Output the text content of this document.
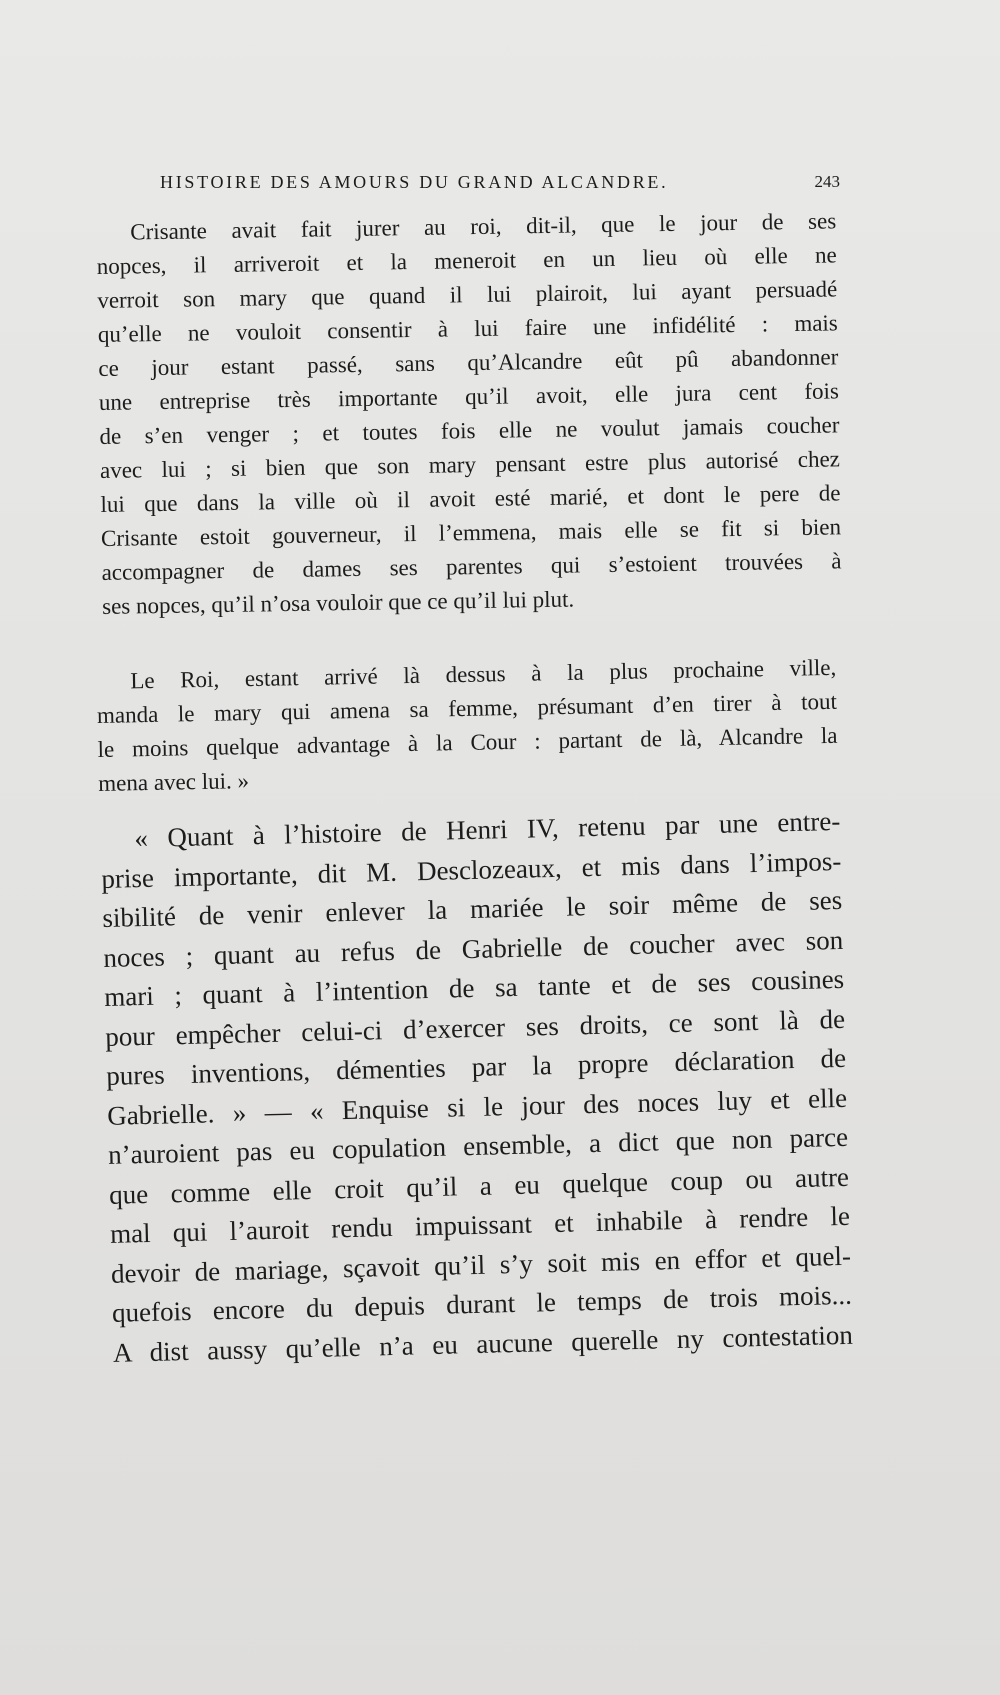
HISTOIRE DES AMOURS DU GRAND ALCANDRE.	243
Crisante avait fait jurer au roi, dit-il, que le jour de ses
nopces, il arriveroit et la meneroit en un lieu où elle ne
verroit son mary que quand il lui plairoit, lui ayant persuadé
qu’elle ne vouloit consentir à lui faire une infidélité : mais
ce jour estant passé, sans qu’Alcandre eût pû abandonner
une entreprise très importante qu’il avoit, elle jura cent fois
de s’en venger ; et toutes fois elle ne voulut jamais coucher
avec lui ; si bien que son mary pensant estre plus autorisé chez
lui que dans la ville où il avoit esté marié, et dont le pere de
Crisante estoit gouverneur, il l’emmena, mais elle se fit si bien
accompagner de dames ses parentes qui s’estoient trouvées à
ses nopces, qu’il n’osa vouloir que ce qu’il lui plut.
Le Roi, estant arrivé là dessus à la plus prochaine ville,
manda le mary qui amena sa femme, présumant d’en tirer à tout
le moins quelque advantage à la Cour : partant de là, Alcandre la
mena avec lui. »
« Quant à l’histoire de Henri IV, retenu par une entre-
prise importante, dit M. Desclozeaux, et mis dans l’impos-
sibilité de venir enlever la mariée le soir même de ses
noces ; quant au refus de Gabrielle de coucher avec son
mari ; quant à l’intention de sa tante et de ses cousines
pour empêcher celui-ci d’exercer ses droits, ce sont là de
pures inventions, démenties par la propre déclaration de
Gabrielle. » — « Enquise si le jour des noces luy et elle
n’auroient pas eu copulation ensemble, a dict que non parce
que comme elle croit qu’il a eu quelque coup ou autre
mal qui l’auroit rendu impuissant et inhabile à rendre le
devoir de mariage, sçavoit qu’il s’y soit mis en effor et quel-
quefois encore du depuis durant le temps de trois mois...
A dist aussy qu’elle n’a eu aucune querelle ny contestation
